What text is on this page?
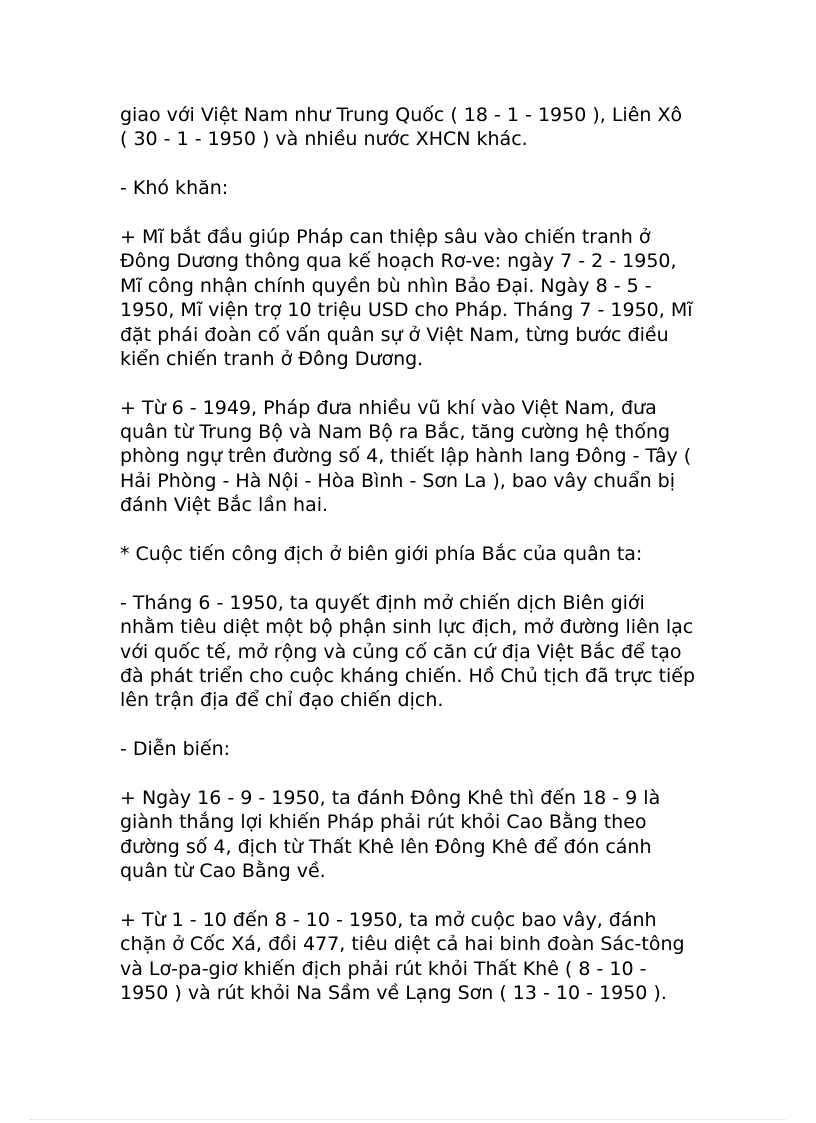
giao với Việt Nam như Trung Quốc ( 18 - 1 - 1950 ), Liên Xô
( 30 - 1 - 1950 ) và nhiều nước XHCN khác.
- Khó khăn:
+ Mĩ bắt đầu giúp Pháp can thiệp sâu vào chiến tranh ở
Đông Dương thông qua kế hoạch Rơ-ve: ngày 7 - 2 - 1950,
Mĩ công nhận chính quyền bù nhìn Bảo Đại. Ngày 8 - 5 -
1950, Mĩ viện trợ 10 triệu USD cho Pháp. Tháng 7 - 1950, Mĩ
đặt phái đoàn cố vấn quân sự ở Việt Nam, từng bước điều
kiển chiến tranh ở Đông Dương.
+ Từ 6 - 1949, Pháp đưa nhiều vũ khí vào Việt Nam, đưa
quân từ Trung Bộ và Nam Bộ ra Bắc, tăng cường hệ thống
phòng ngự trên đường số 4, thiết lập hành lang Đông - Tây (
Hải Phòng - Hà Nội - Hòa Bình - Sơn La ), bao vây chuẩn bị
đánh Việt Bắc lần hai.
* Cuộc tiến công địch ở biên giới phía Bắc của quân ta:
- Tháng 6 - 1950, ta quyết định mở chiến dịch Biên giới
nhằm tiêu diệt một bộ phận sinh lực địch, mở đường liên lạc
với quốc tế, mở rộng và củng cố căn cứ địa Việt Bắc để tạo
đà phát triển cho cuộc kháng chiến. Hồ Chủ tịch đã trực tiếp
lên trận địa để chỉ đạo chiến dịch.
- Diễn biến:
+ Ngày 16 - 9 - 1950, ta đánh Đông Khê thì đến 18 - 9 là
giành thắng lợi khiến Pháp phải rút khỏi Cao Bằng theo
đường số 4, địch từ Thất Khê lên Đông Khê để đón cánh
quân từ Cao Bằng về.
+ Từ 1 - 10 đến 8 - 10 - 1950, ta mở cuộc bao vây, đánh
chặn ở Cốc Xá, đồi 477, tiêu diệt cả hai binh đoàn Sác-tông
và Lơ-pa-giơ khiến địch phải rút khỏi Thất Khê ( 8 - 10 -
1950 ) và rút khỏi Na Sầm về Lạng Sơn ( 13 - 10 - 1950 ).
